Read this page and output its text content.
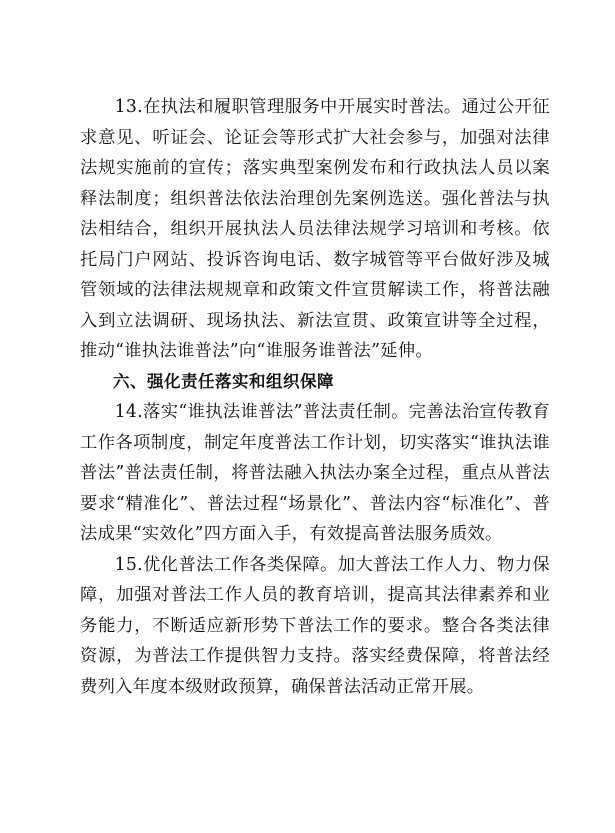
13.在执法和履职管理服务中开展实时普法。通过公开征求意见、听证会、论证会等形式扩大社会参与，加强对法律法规实施前的宣传；落实典型案例发布和行政执法人员以案释法制度；组织普法依法治理创先案例选送。强化普法与执法相结合，组织开展执法人员法律法规学习培训和考核。依托局门户网站、投诉咨询电话、数字城管等平台做好涉及城管领域的法律法规规章和政策文件宣贯解读工作，将普法融入到立法调研、现场执法、新法宣贯、政策宣讲等全过程，推动“谁执法谁普法”向“谁服务谁普法”延伸。

六、强化责任落实和组织保障

14.落实“谁执法谁普法”普法责任制。完善法治宣传教育工作各项制度，制定年度普法工作计划，切实落实“谁执法谁普法”普法责任制，将普法融入执法办案全过程，重点从普法要求“精准化”、普法过程“场景化”、普法内容“标准化”、普法成果“实效化”四方面入手，有效提高普法服务质效。

15.优化普法工作各类保障。加大普法工作人力、物力保障，加强对普法工作人员的教育培训，提高其法律素养和业务能力，不断适应新形势下普法工作的要求。整合各类法律资源，为普法工作提供智力支持。落实经费保障，将普法经费列入年度本级财政预算，确保普法活动正常开展。
